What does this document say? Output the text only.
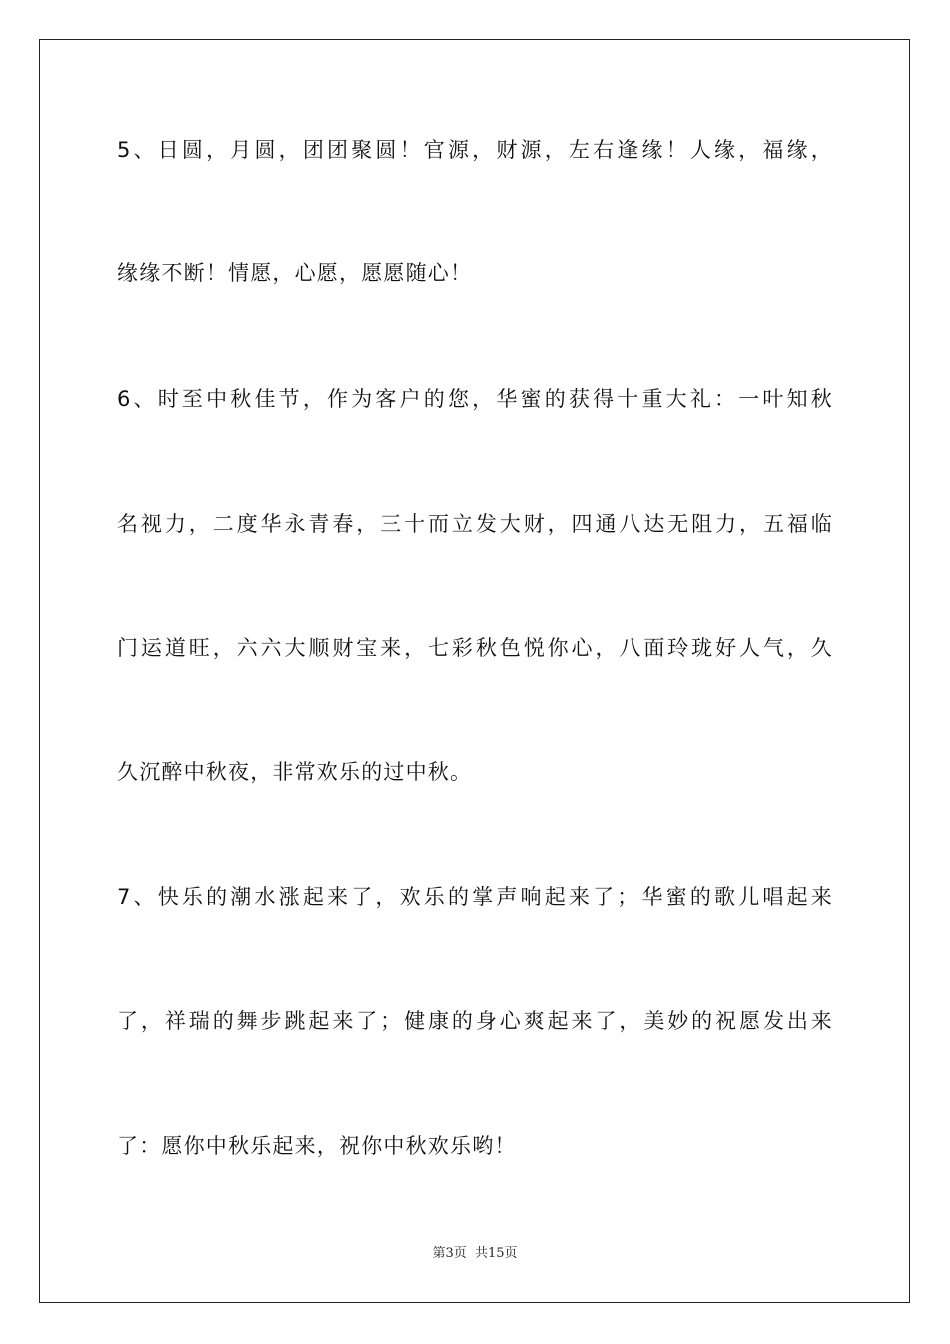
5、日圆，月圆，团团聚圆！官源，财源，左右逢缘！人缘，福缘，
缘缘不断！情愿，心愿，愿愿随心！
6、时至中秋佳节，作为客户的您，华蜜的获得十重大礼：一叶知秋
名视力，二度华永青春，三十而立发大财，四通八达无阻力，五福临
门运道旺，六六大顺财宝来，七彩秋色悦你心，八面玲珑好人气，久
久沉醉中秋夜，非常欢乐的过中秋。
7、快乐的潮水涨起来了，欢乐的掌声响起来了；华蜜的歌儿唱起来
了，祥瑞的舞步跳起来了；健康的身心爽起来了，美妙的祝愿发出来
了：愿你中秋乐起来，祝你中秋欢乐哟！
第3页 共15页
